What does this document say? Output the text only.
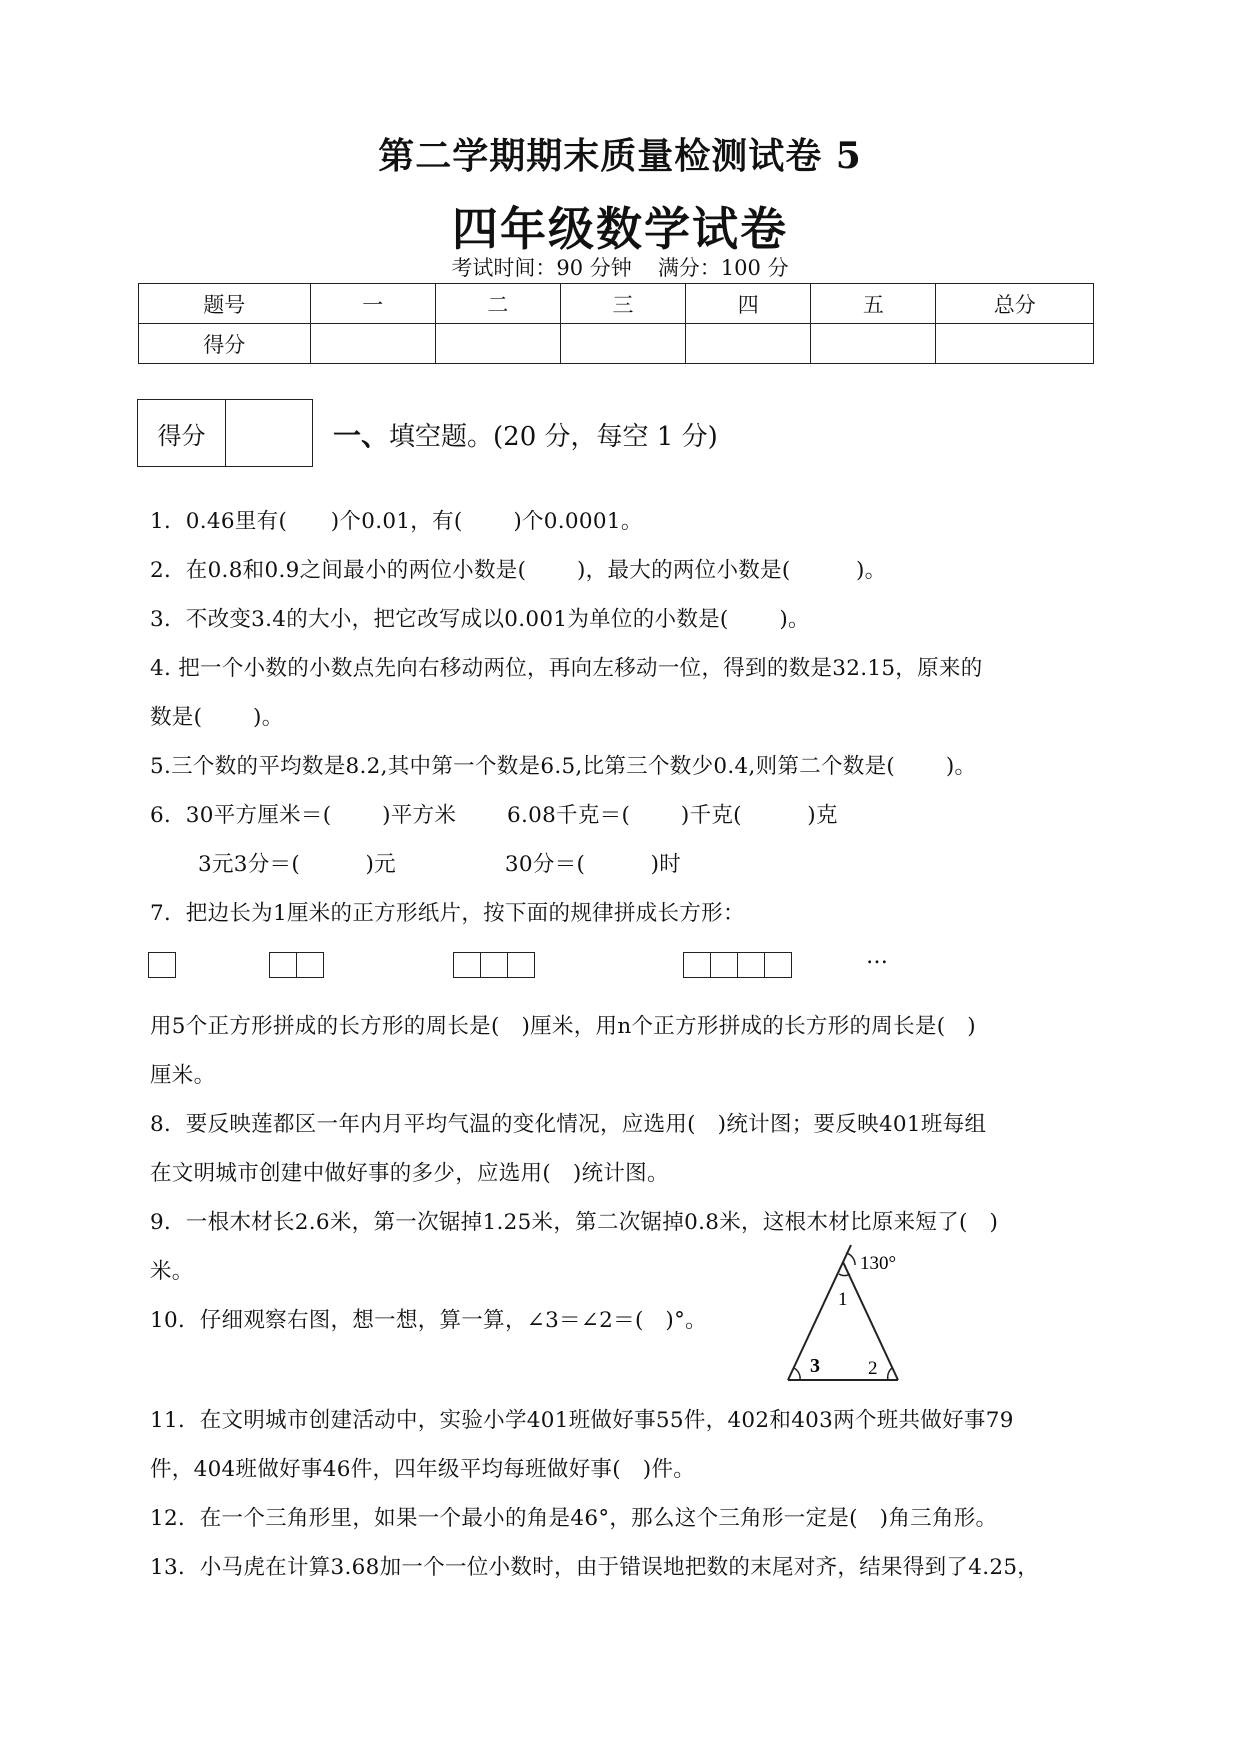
第二学期期末质量检测试卷 5
四年级数学试卷
考试时间：90 分钟 满分：100 分
题号	一	二	三	四	五	总分
得分						
得分	一、填空题。(20 分，每空 1 分)
1．0.46里有(　　)个0.01，有(　　 )个0.0001。
2．在0.8和0.9之间最小的两位小数是(　　 )，最大的两位小数是(　　　)。
3．不改变3.4的大小，把它改写成以0.001为单位的小数是(　　 )。
4. 把一个小数的小数点先向右移动两位，再向左移动一位，得到的数是32.15，原来的
数是(　　 )。
5.三个数的平均数是8.2,其中第一个数是6.5,比第三个数少0.4,则第二个数是(　　 )。
6．30平方厘米＝(　　 )平方米　　 6.08千克＝(　　 )千克(　　　)克
3元3分＝(　　　)元　　　　　30分＝(　　　)时
7．把边长为1厘米的正方形纸片，按下面的规律拼成长方形：
…
用5个正方形拼成的长方形的周长是(　)厘米，用n个正方形拼成的长方形的周长是(　)
厘米。
8．要反映莲都区一年内月平均气温的变化情况，应选用(　)统计图；要反映401班每组
在文明城市创建中做好事的多少，应选用(　)统计图。
9．一根木材长2.6米，第一次锯掉1.25米，第二次锯掉0.8米，这根木材比原来短了(　)
米。
10．仔细观察右图，想一想，算一算，∠3＝∠2＝(　)°。
130°
1
3	2
11．在文明城市创建活动中，实验小学401班做好事55件，402和403两个班共做好事79
件，404班做好事46件，四年级平均每班做好事(　)件。
12．在一个三角形里，如果一个最小的角是46°，那么这个三角形一定是(　)角三角形。
13．小马虎在计算3.68加一个一位小数时，由于错误地把数的末尾对齐，结果得到了4.25，
